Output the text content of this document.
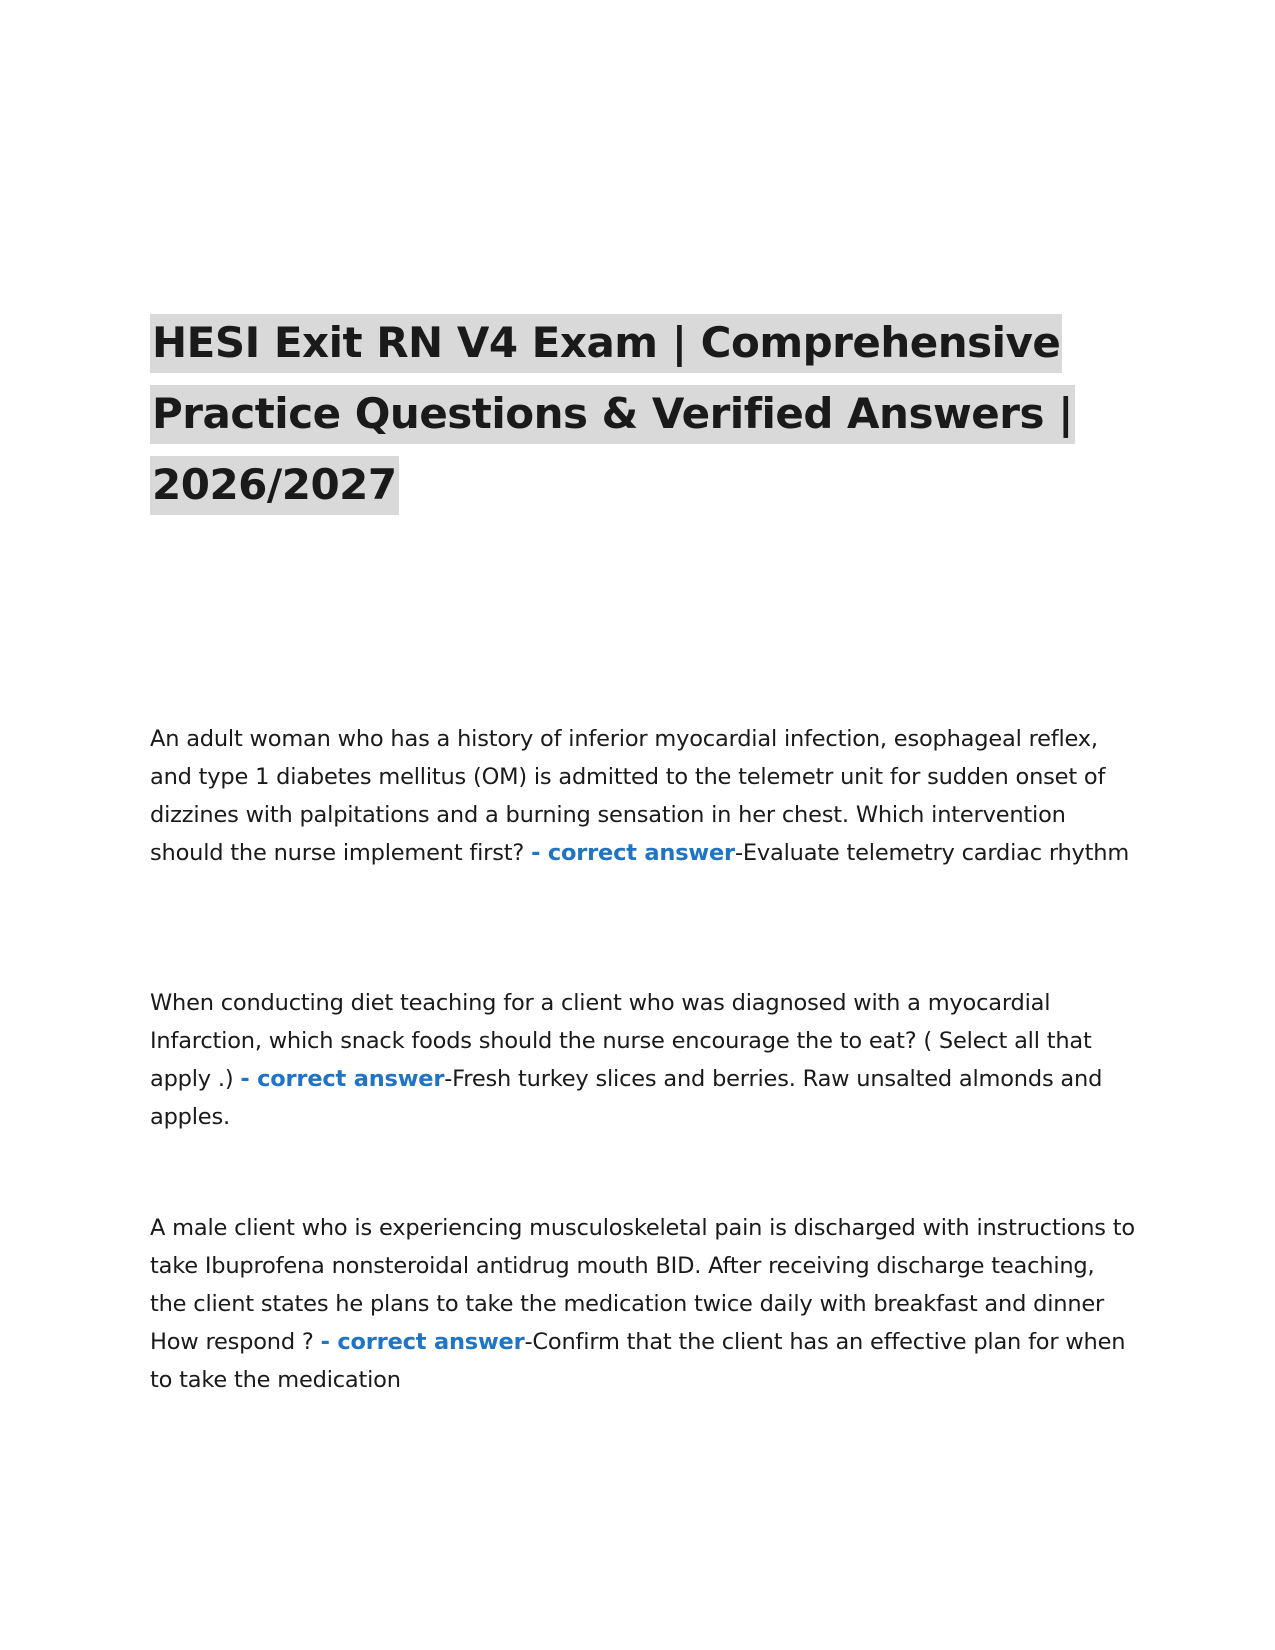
HESI Exit RN V4 Exam | Comprehensive Practice Questions & Verified Answers | 2026/2027

An adult woman who has a history of inferior myocardial infection, esophageal reflex, and type 1 diabetes mellitus (OM) is admitted to the telemetr unit for sudden onset of dizzines with palpitations and a burning sensation in her chest. Which intervention should the nurse implement first? - correct answer-Evaluate telemetry cardiac rhythm

When conducting diet teaching for a client who was diagnosed with a myocardial Infarction, which snack foods should the nurse encourage the to eat? ( Select all that apply .) - correct answer-Fresh turkey slices and berries. Raw unsalted almonds and apples.

A male client who is experiencing musculoskeletal pain is discharged with instructions to take Ibuprofena nonsteroidal antidrug mouth BID. After receiving discharge teaching, the client states he plans to take the medication twice daily with breakfast and dinner How respond ? - correct answer-Confirm that the client has an effective plan for when to take the medication
